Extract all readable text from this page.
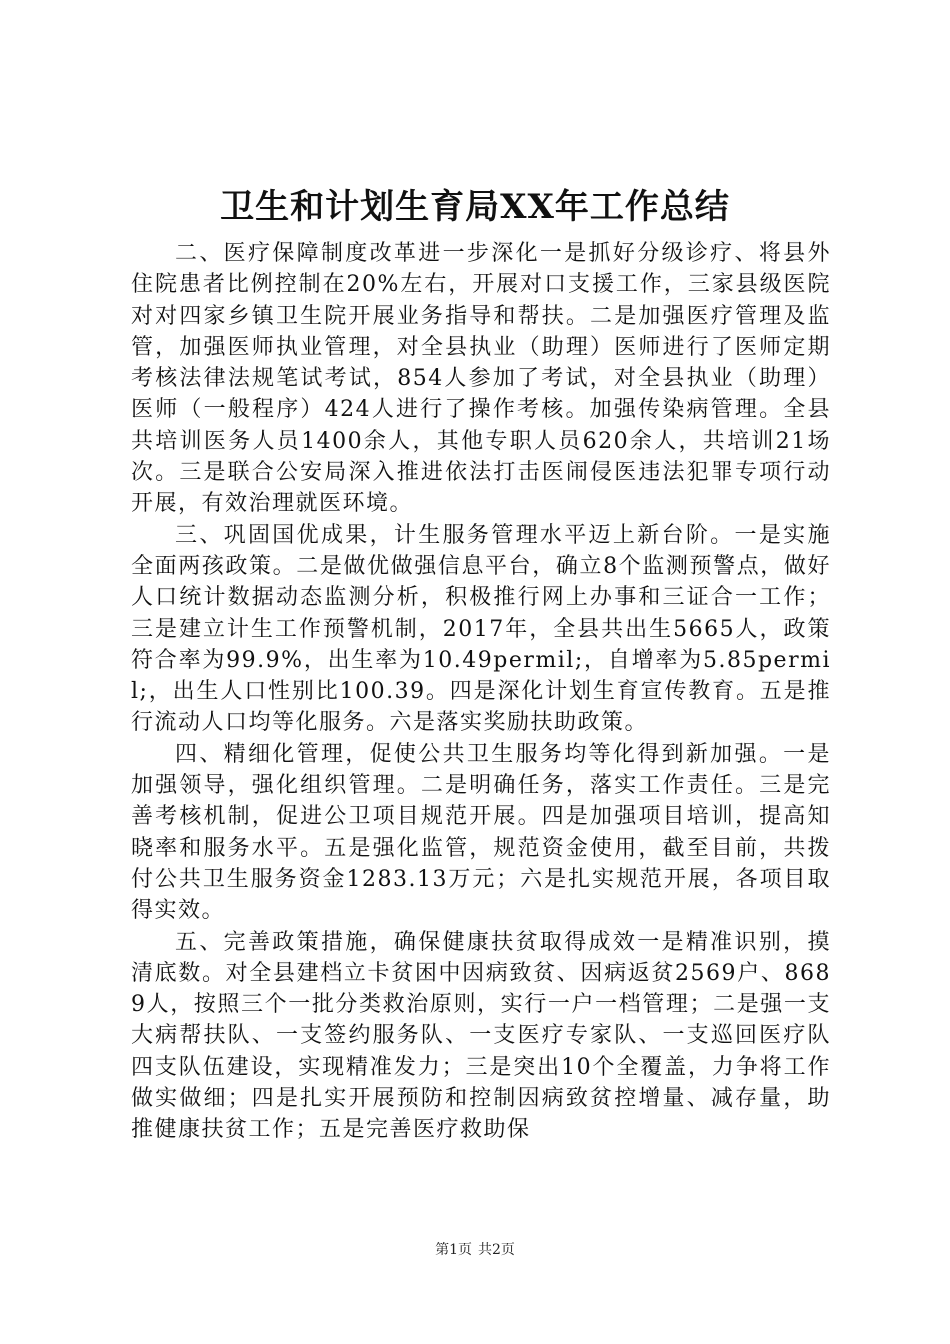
卫生和计划生育局XX年工作总结

二、医疗保障制度改革进一步深化一是抓好分级诊疗、将县外住院患者比例控制在20%左右，开展对口支援工作，三家县级医院对对四家乡镇卫生院开展业务指导和帮扶。二是加强医疗管理及监管，加强医师执业管理，对全县执业（助理）医师进行了医师定期考核法律法规笔试考试，854人参加了考试，对全县执业（助理）医师（一般程序）424人进行了操作考核。加强传染病管理。全县共培训医务人员1400余人，其他专职人员620余人，共培训21场次。三是联合公安局深入推进依法打击医闹侵医违法犯罪专项行动开展，有效治理就医环境。

三、巩固国优成果，计生服务管理水平迈上新台阶。一是实施全面两孩政策。二是做优做强信息平台，确立8个监测预警点，做好人口统计数据动态监测分析，积极推行网上办事和三证合一工作；三是建立计生工作预警机制，2017年，全县共出生5665人，政策符合率为99.9%，出生率为10.49permil;，自增率为5.85permil;，出生人口性别比100.39。四是深化计划生育宣传教育。五是推行流动人口均等化服务。六是落实奖励扶助政策。

四、精细化管理，促使公共卫生服务均等化得到新加强。一是加强领导，强化组织管理。二是明确任务，落实工作责任。三是完善考核机制，促进公卫项目规范开展。四是加强项目培训，提高知晓率和服务水平。五是强化监管，规范资金使用，截至目前，共拨付公共卫生服务资金1283.13万元；六是扎实规范开展，各项目取得实效。

五、完善政策措施，确保健康扶贫取得成效一是精准识别，摸清底数。对全县建档立卡贫困中因病致贫、因病返贫2569户、8689人，按照三个一批分类救治原则，实行一户一档管理；二是强一支大病帮扶队、一支签约服务队、一支医疗专家队、一支巡回医疗队四支队伍建设，实现精准发力；三是突出10个全覆盖，力争将工作做实做细；四是扎实开展预防和控制因病致贫控增量、减存量，助推健康扶贫工作；五是完善医疗救助保

第1页 共2页
